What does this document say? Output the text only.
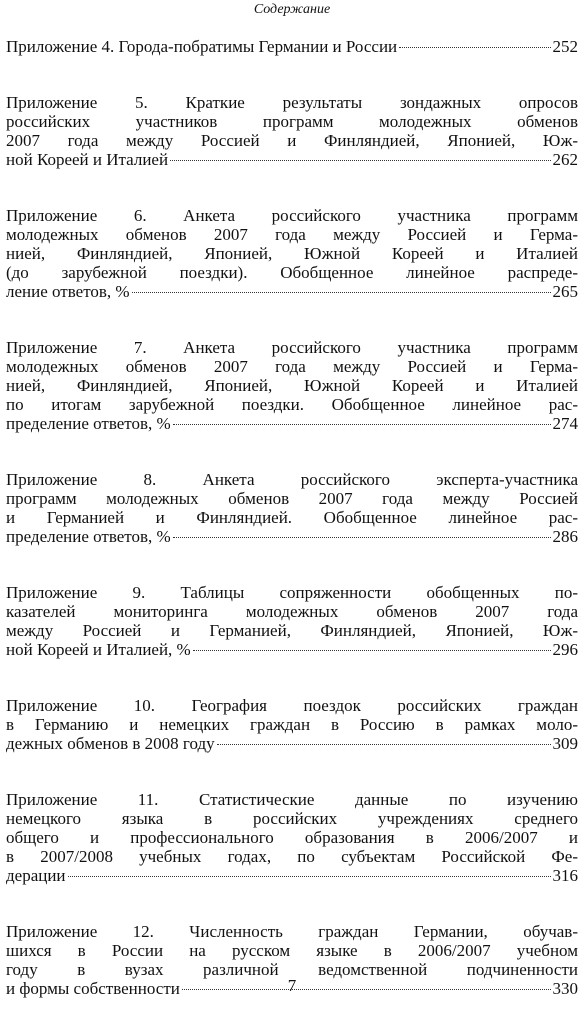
Содержание
Приложение 4. Города-побратимы Германии и России	252
Приложение 5. Краткие результаты зондажных опросов
российских участников программ молодежных обменов
2007 года между Россией и Финляндией, Японией, Юж-
ной Кореей и Италией	262
Приложение 6. Анкета российского участника программ
молодежных обменов 2007 года между Россией и Герма-
нией, Финляндией, Японией, Южной Кореей и Италией
(до зарубежной поездки). Обобщенное линейное распреде-
ление ответов, %	265
Приложение 7. Анкета российского участника программ
молодежных обменов 2007 года между Россией и Герма-
нией, Финляндией, Японией, Южной Кореей и Италией
по итогам зарубежной поездки. Обобщенное линейное рас-
пределение ответов, %	274
Приложение 8. Анкета российского эксперта-участника
программ молодежных обменов 2007 года между Россией
и Германией и Финляндией. Обобщенное линейное рас-
пределение ответов, %	286
Приложение 9. Таблицы сопряженности обобщенных по-
казателей мониторинга молодежных обменов 2007 года
между Россией и Германией, Финляндией, Японией, Юж-
ной Кореей и Италией, %	296
Приложение 10. География поездок российских граждан
в Германию и немецких граждан в Россию в рамках моло-
дежных обменов в 2008 году	309
Приложение 11. Статистические данные по изучению
немецкого языка в российских учреждениях среднего
общего и профессионального образования в 2006/2007 и
в 2007/2008 учебных годах, по субъектам Российской Фе-
дерации	316
Приложение 12. Численность граждан Германии, обучав-
шихся в России на русском языке в 2006/2007 учебном
году в вузах различной ведомственной подчиненности
и формы собственности	330
7
